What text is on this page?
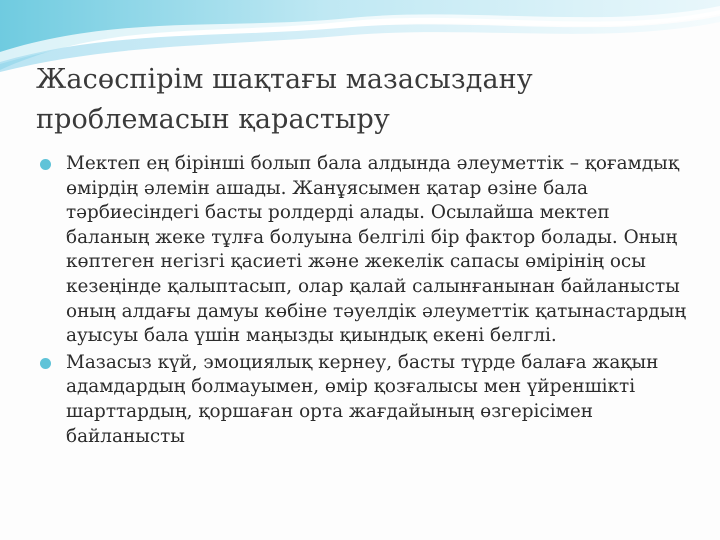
Жасөспірім шақтағы мазасыздану
проблемасын қарастыру
Мектеп ең бірінші болып бала алдында әлеуметтік – қоғамдық өмірдің әлемін ашады. Жанұясымен қатар өзіне бала тәрбиесіндегі басты ролдерді алады. Осылайша мектеп баланың жеке тұлға болуына белгілі бір фактор болады. Оның көптеген негізгі қасиеті және жекелік сапасы өмірінің осы кезеңінде қалыптасып, олар қалай салынғанынан байланысты оның алдағы дамуы көбіне тәуелдік әлеуметтік қатынастардың ауысуы бала үшін маңызды қиындық екені белглі.
Мазасыз күй, эмоциялық кернеу, басты түрде балаға жақын адамдардың болмауымен, өмір қозғалысы мен үйреншікті шарттардың, қоршаған орта жағдайының өзгерісімен байланысты
